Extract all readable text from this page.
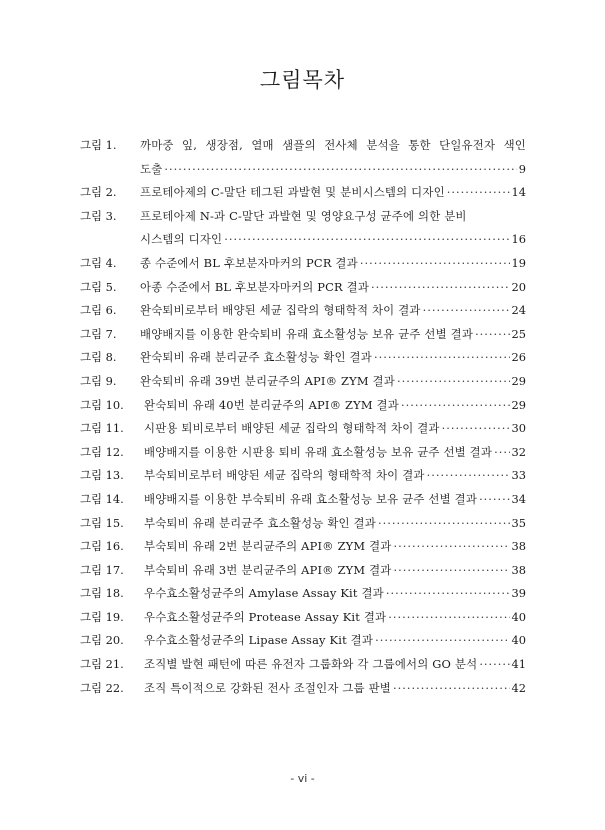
그림목차
그림 1.	까마중 잎, 생장점, 열매 샘플의 전사체 분석을 통한 단일유전자 색인
도출 ·····	9
그림 2.	프로테아제의 C-말단 테그된 과발현 및 분비시스템의 디자인 ·····	14
그림 3.	프로테아제 N-과 C-말단 과발현 및 영양요구성 균주에 의한 분비
시스템의 디자인 ·····	16
그림 4.	종 수준에서 BL 후보분자마커의 PCR 결과 ·····	19
그림 5.	아종 수준에서 BL 후보분자마커의 PCR 결과 ·····	20
그림 6.	완숙퇴비로부터 배양된 세균 집락의 형태학적 차이 결과 ·····	24
그림 7.	배양배지를 이용한 완숙퇴비 유래 효소활성능 보유 균주 선별 결과 ·····	25
그림 8.	완숙퇴비 유래 분리균주 효소활성능 확인 결과 ·····	26
그림 9.	완숙퇴비 유래 39번 분리균주의 API® ZYM 결과 ·····	29
그림 10.	완숙퇴비 유래 40번 분리균주의 API® ZYM 결과 ·····	29
그림 11.	시판용 퇴비로부터 배양된 세균 집락의 형태학적 차이 결과 ·····	30
그림 12.	배양배지를 이용한 시판용 퇴비 유래 효소활성능 보유 균주 선별 결과 ····· 32
그림 13.	부숙퇴비로부터 배양된 세균 집락의 형태학적 차이 결과 ·····	33
그림 14.	배양배지를 이용한 부숙퇴비 유래 효소활성능 보유 균주 선별 결과 ·····	34
그림 15.	부숙퇴비 유래 분리균주 효소활성능 확인 결과 ·····	35
그림 16.	부숙퇴비 유래 2번 분리균주의 API® ZYM 결과 ·····	38
그림 17.	부숙퇴비 유래 3번 분리균주의 API® ZYM 결과 ·····	38
그림 18.	우수효소활성균주의 Amylase Assay Kit 결과 ·····	39
그림 19.	우수효소활성균주의 Protease Assay Kit 결과 ·····	40
그림 20.	우수효소활성균주의 Lipase Assay Kit 결과 ·····	40
그림 21.	조직별 발현 패턴에 따른 유전자 그룹화와 각 그룹에서의 GO 분석 ·····	41
그림 22.	조직 특이적으로 강화된 전사 조절인자 그룹 판별 ·····	42
- vi -
